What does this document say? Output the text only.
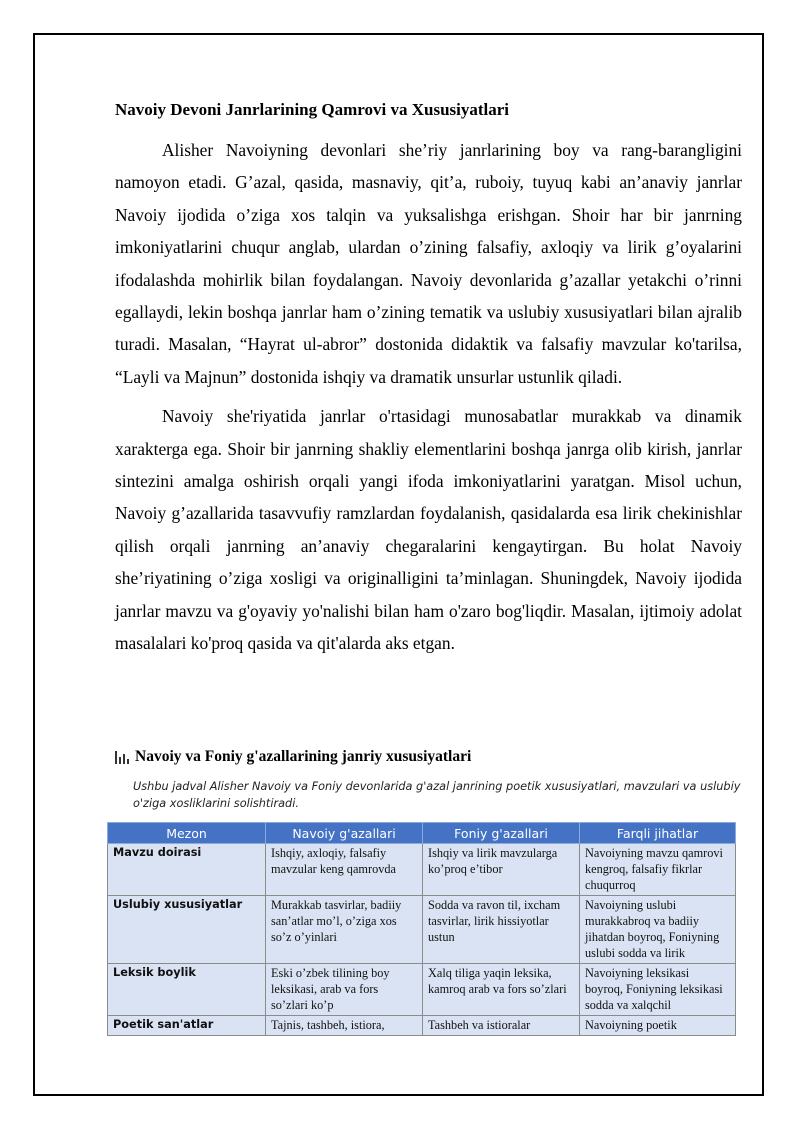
Navoiy Devoni Janrlarining Qamrovi va Xususiyatlari

Alisher Navoiyning devonlari she’riy janrlarining boy va rang-barangligini namoyon etadi. G’azal, qasida, masnaviy, qit’a, ruboiy, tuyuq kabi an’anaviy janrlar Navoiy ijodida o’ziga xos talqin va yuksalishga erishgan. Shoir har bir janrning imkoniyatlarini chuqur anglab, ulardan o’zining falsafiy, axloqiy va lirik g’oyalarini ifodalashda mohirlik bilan foydalangan. Navoiy devonlarida g’azallar yetakchi o’rinni egallaydi, lekin boshqa janrlar ham o’zining tematik va uslubiy xususiyatlari bilan ajralib turadi. Masalan, “Hayrat ul-abror” dostonida didaktik va falsafiy mavzular ko'tarilsa, “Layli va Majnun” dostonida ishqiy va dramatik unsurlar ustunlik qiladi.

Navoiy she'riyatida janrlar o'rtasidagi munosabatlar murakkab va dinamik xarakterga ega. Shoir bir janrning shakliy elementlarini boshqa janrga olib kirish, janrlar sintezini amalga oshirish orqali yangi ifoda imkoniyatlarini yaratgan. Misol uchun, Navoiy g’azallarida tasavvufiy ramzlardan foydalanish, qasidalarda esa lirik chekinishlar qilish orqali janrning an’anaviy chegaralarini kengaytirgan. Bu holat Navoiy she’riyatining o’ziga xosligi va originalligini ta’minlagan. Shuningdek, Navoiy ijodida janrlar mavzu va g'oyaviy yo'nalishi bilan ham o'zaro bog'liqdir. Masalan, ijtimoiy adolat masalalari ko'proq qasida va qit'alarda aks etgan.

Navoiy va Foniy g'azallarining janriy xususiyatlari
Ushbu jadval Alisher Navoiy va Foniy devonlarida g'azal janrining poetik xususiyatlari, mavzulari va uslubiy o'ziga xosliklarini solishtiradi.
Mezon	Navoiy g'azallari	Foniy g'azallari	Farqli jihatlar
Mavzu doirasi	Ishqiy, axloqiy, falsafiy mavzular keng qamrovda	Ishqiy va lirik mavzularga ko’proq e’tibor	Navoiyning mavzu qamrovi kengroq, falsafiy fikrlar chuqurroq
Uslubiy xususiyatlar	Murakkab tasvirlar, badiiy san’atlar mo’l, o’ziga xos so’z o’yinlari	Sodda va ravon til, ixcham tasvirlar, lirik hissiyotlar ustun	Navoiyning uslubi murakkabroq va badiiy jihatdan boyroq, Foniyning uslubi sodda va lirik
Leksik boylik	Eski o’zbek tilining boy leksikasi, arab va fors so’zlari ko’p	Xalq tiliga yaqin leksika, kamroq arab va fors so’zlari	Navoiyning leksikasi boyroq, Foniyning leksikasi sodda va xalqchil
Poetik san'atlar	Tajnis, tashbeh, istiora,	Tashbeh va istioralar	Navoiyning poetik
